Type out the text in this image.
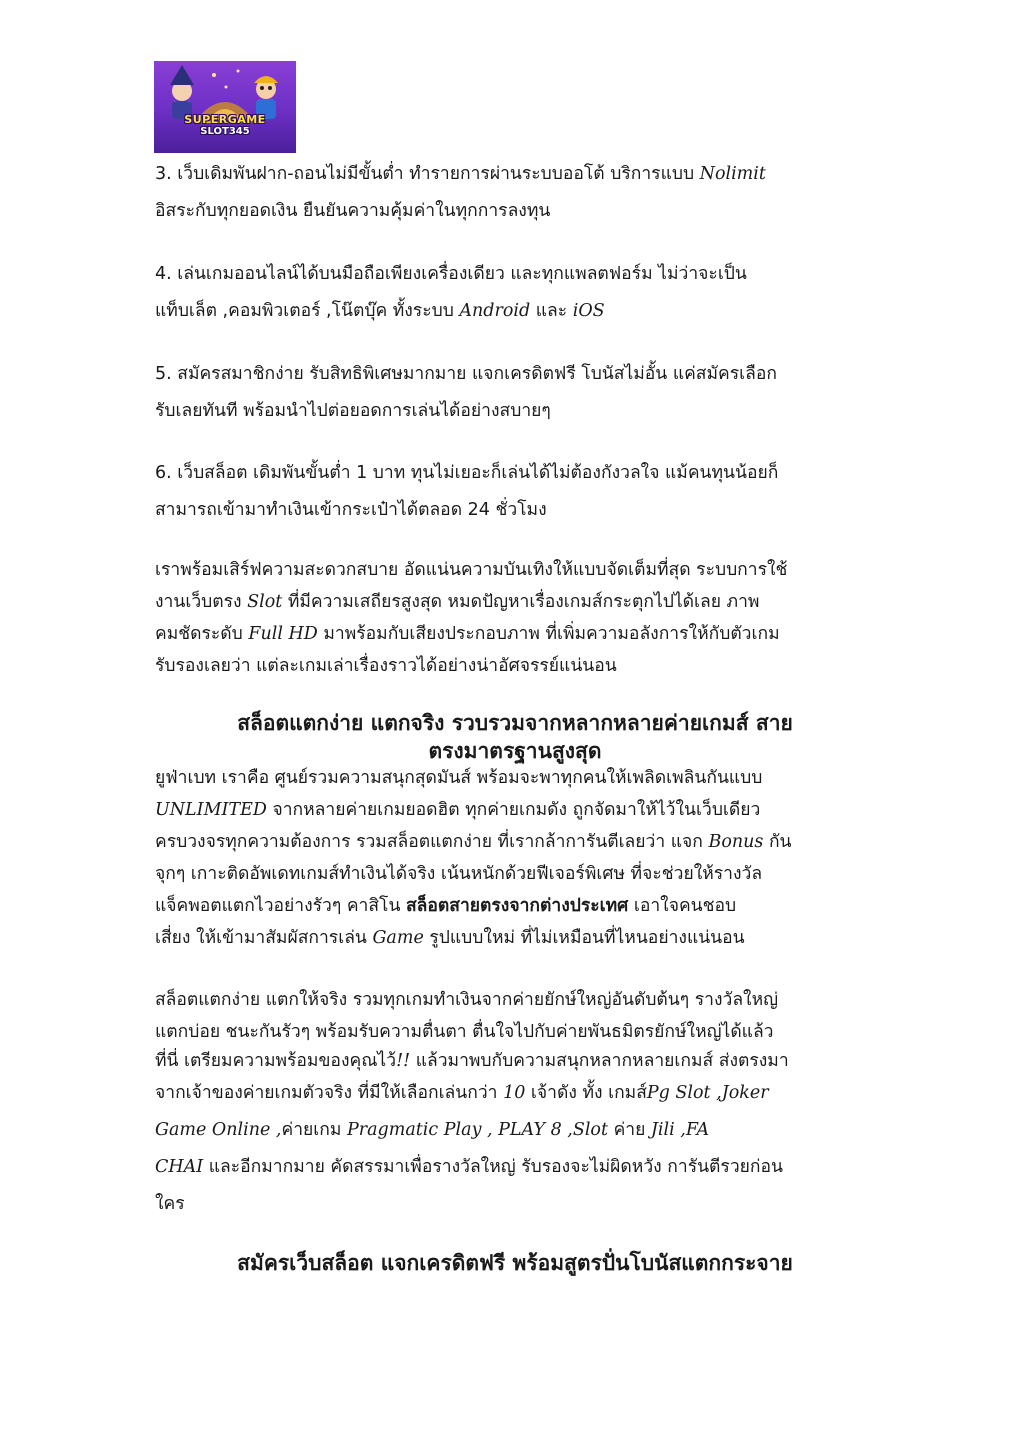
SUPERGAME
SLOT345
3. เว็บเดิมพันฝาก-ถอนไม่มีขั้นต่ำ ทำรายการผ่านระบบออโต้ บริการแบบ Nolimit
อิสระกับทุกยอดเงิน ยืนยันความคุ้มค่าในทุกการลงทุน
4. เล่นเกมออนไลน์ได้บนมือถือเพียงเครื่องเดียว และทุกแพลตฟอร์ม ไม่ว่าจะเป็น
แท็บเล็ต ,คอมพิวเตอร์ ,โน๊ตบุ๊ค ทั้งระบบ Android และ iOS
5. สมัครสมาชิกง่าย รับสิทธิพิเศษมากมาย แจกเครดิตฟรี โบนัสไม่อั้น แค่สมัครเลือก
รับเลยทันที พร้อมนำไปต่อยอดการเล่นได้อย่างสบายๆ
6. เว็บสล็อต เดิมพันขั้นต่ำ 1 บาท ทุนไม่เยอะก็เล่นได้ไม่ต้องกังวลใจ แม้คนทุนน้อยก็
สามารถเข้ามาทำเงินเข้ากระเป๋าได้ตลอด 24 ชั่วโมง
เราพร้อมเสิร์ฟความสะดวกสบาย อัดแน่นความบันเทิงให้แบบจัดเต็มที่สุด ระบบการใช้
งานเว็บตรง Slot ที่มีความเสถียรสูงสุด หมดปัญหาเรื่องเกมส์กระตุกไปได้เลย ภาพ
คมชัดระดับ Full HD มาพร้อมกับเสียงประกอบภาพ ที่เพิ่มความอลังการให้กับตัวเกม
รับรองเลยว่า แต่ละเกมเล่าเรื่องราวได้อย่างน่าอัศจรรย์แน่นอน
สล็อตแตกง่าย แตกจริง รวบรวมจากหลากหลายค่ายเกมส์ สาย
ตรงมาตรฐานสูงสุด
ยูฟ่าเบท เราคือ ศูนย์รวมความสนุกสุดมันส์ พร้อมจะพาทุกคนให้เพลิดเพลินกันแบบ
UNLIMITED จากหลายค่ายเกมยอดฮิต ทุกค่ายเกมดัง ถูกจัดมาให้ไว้ในเว็บเดียว
ครบวงจรทุกความต้องการ รวมสล็อตแตกง่าย ที่เรากล้าการันตีเลยว่า แจก Bonus กัน
จุกๆ เกาะติดอัพเดทเกมส์ทำเงินได้จริง เน้นหนักด้วยฟีเจอร์พิเศษ ที่จะช่วยให้รางวัล
แจ็คพอตแตกไวอย่างรัวๆ คาสิโน สล็อตสายตรงจากต่างประเทศ เอาใจคนชอบ
เสี่ยง ให้เข้ามาสัมผัสการเล่น Game รูปแบบใหม่ ที่ไม่เหมือนที่ไหนอย่างแน่นอน
สล็อตแตกง่าย แตกให้จริง รวมทุกเกมทำเงินจากค่ายยักษ์ใหญ่อันดับต้นๆ รางวัลใหญ่
แตกบ่อย ชนะกันรัวๆ พร้อมรับความตื่นตา ตื่นใจไปกับค่ายพันธมิตรยักษ์ใหญ่ได้แล้ว
ที่นี่ เตรียมความพร้อมของคุณไว้!! แล้วมาพบกับความสนุกหลากหลายเกมส์ ส่งตรงมา
จากเจ้าของค่ายเกมตัวจริง ที่มีให้เลือกเล่นกว่า 10 เจ้าดัง ทั้ง เกมส์Pg Slot ,Joker
Game Online ,ค่ายเกม Pragmatic Play , PLAY 8 ,Slot ค่าย Jili ,FA
CHAI และอีกมากมาย คัดสรรมาเพื่อรางวัลใหญ่ รับรองจะไม่ผิดหวัง การันตีรวยก่อน
ใคร
สมัครเว็บสล็อต แจกเครดิตฟรี พร้อมสูตรปั่นโบนัสแตกกระจาย
